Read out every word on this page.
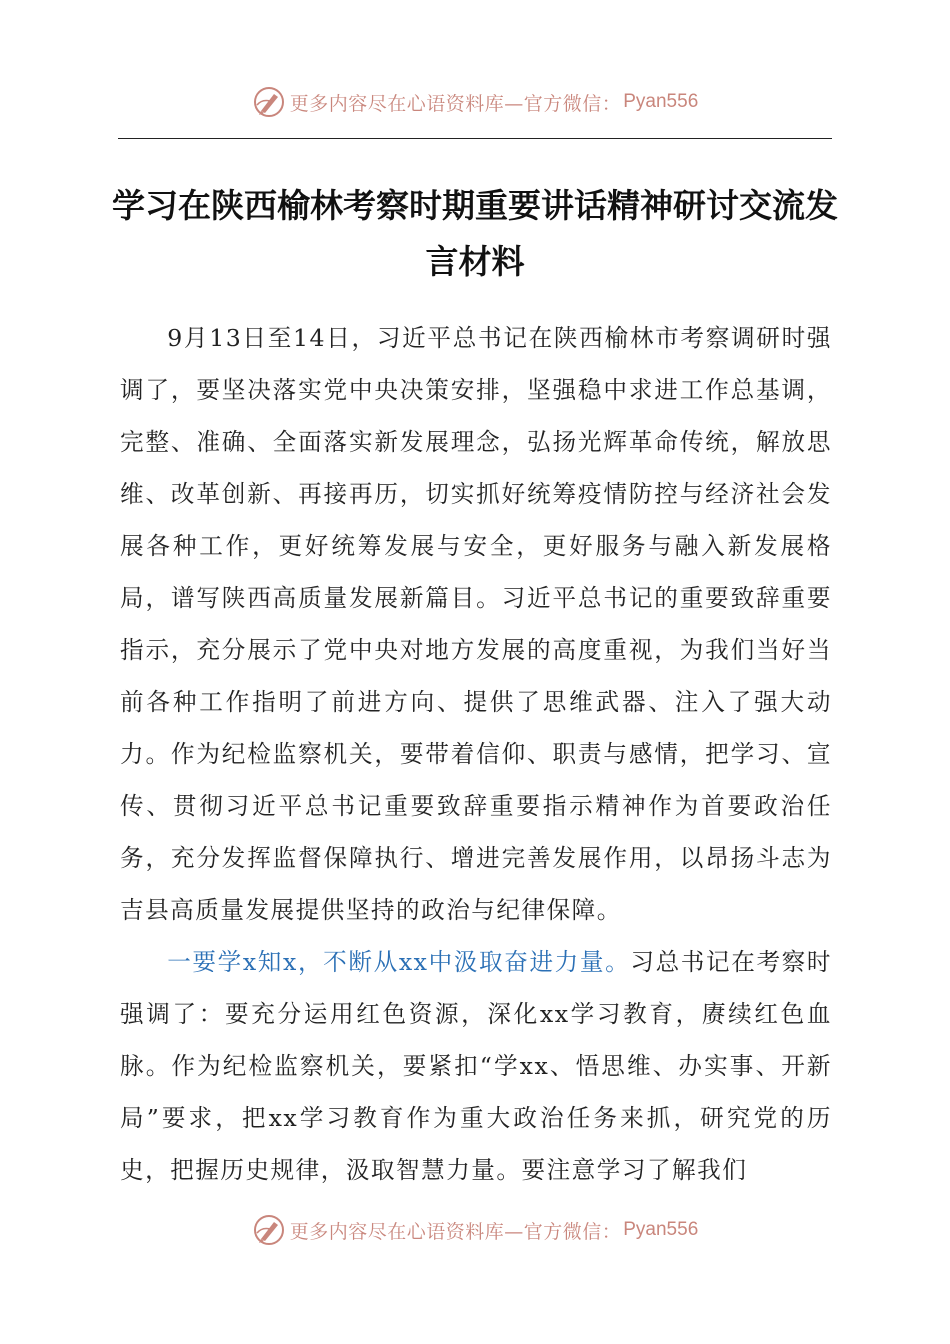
更多内容尽在心语资料库—官方微信： Pyan556
学习在陕西榆林考察时期重要讲话精神研讨交流发言材料

9月13日至14日，习近平总书记在陕西榆林市考察调研时强调了，要坚决落实党中央决策安排，坚强稳中求进工作总基调，完整、准确、全面落实新发展理念，弘扬光辉革命传统，解放思维、改革创新、再接再历，切实抓好统筹疫情防控与经济社会发展各种工作，更好统筹发展与安全，更好服务与融入新发展格局，谱写陕西高质量发展新篇目。习近平总书记的重要致辞重要指示，充分展示了党中央对地方发展的高度重视，为我们当好当前各种工作指明了前进方向、提供了思维武器、注入了强大动力。作为纪检监察机关，要带着信仰、职责与感情，把学习、宣传、贯彻习近平总书记重要致辞重要指示精神作为首要政治任务，充分发挥监督保障执行、增进完善发展作用，以昂扬斗志为吉县高质量发展提供坚持的政治与纪律保障。

一要学x知x，不断从xx中汲取奋进力量。习总书记在考察时强调了：要充分运用红色资源，深化xx学习教育，赓续红色血脉。作为纪检监察机关，要紧扣“学xx、悟思维、办实事、开新局”要求，把xx学习教育作为重大政治任务来抓，研究党的历史，把握历史规律，汲取智慧力量。要注意学习了解我们

更多内容尽在心语资料库—官方微信： Pyan556
